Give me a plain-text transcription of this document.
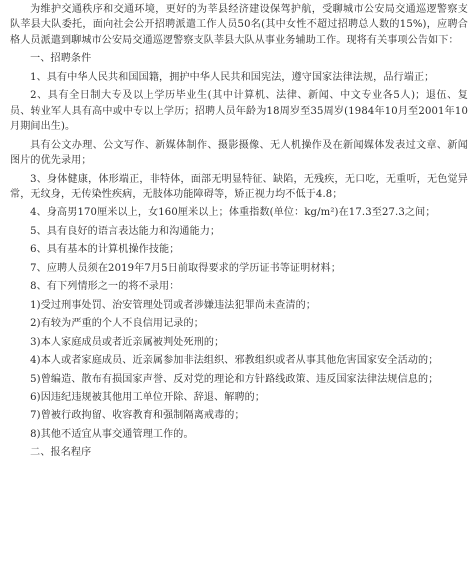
为维护交通秩序和交通环境，更好的为莘县经济建设保驾护航，受聊城市公安局交通巡逻警察支队莘县大队委托，面向社会公开招聘派遣工作人员50名(其中女性不超过招聘总人数的15%)，应聘合格人员派遣到聊城市公安局交通巡逻警察支队莘县大队从事业务辅助工作。现将有关事项公告如下：

一、招聘条件

1、具有中华人民共和国国籍，拥护中华人民共和国宪法，遵守国家法律法规，品行端正；

2、具有全日制大专及以上学历毕业生(其中计算机、法律、新闻、中文专业各5人)；退伍、复员、转业军人具有高中或中专以上学历；招聘人员年龄为18周岁至35周岁(1984年10月至2001年10月期间出生)。

具有公文办理、公文写作、新媒体制作、摄影摄像、无人机操作及在新闻媒体发表过文章、新闻图片的优先录用；

3、身体健康，体形端正，非特体，面部无明显特征、缺陷，无残疾，无口吃，无重听，无色觉异常，无纹身，无传染性疾病，无肢体功能障碍等，矫正视力均不低于4.8；

4、身高男170厘米以上，女160厘米以上；体重指数(单位：kg/m²)在17.3至27.3之间；

5、具有良好的语言表达能力和沟通能力；

6、具有基本的计算机操作技能；

7、应聘人员须在2019年7月5日前取得要求的学历证书等证明材料；

8、有下列情形之一的将不录用：

1)受过刑事处罚、治安管理处罚或者涉嫌违法犯罪尚未查清的；

2)有较为严重的个人不良信用记录的；

3)本人家庭成员或者近亲属被判处死刑的；

4)本人或者家庭成员、近亲属参加非法组织、邪教组织或者从事其他危害国家安全活动的；

5)曾编造、散布有损国家声誉、反对党的理论和方针路线政策、违反国家法律法规信息的；

6)因违纪违规被其他用工单位开除、辞退、解聘的；

7)曾被行政拘留、收容教育和强制隔离戒毒的；

8)其他不适宜从事交通管理工作的。

二、报名程序
